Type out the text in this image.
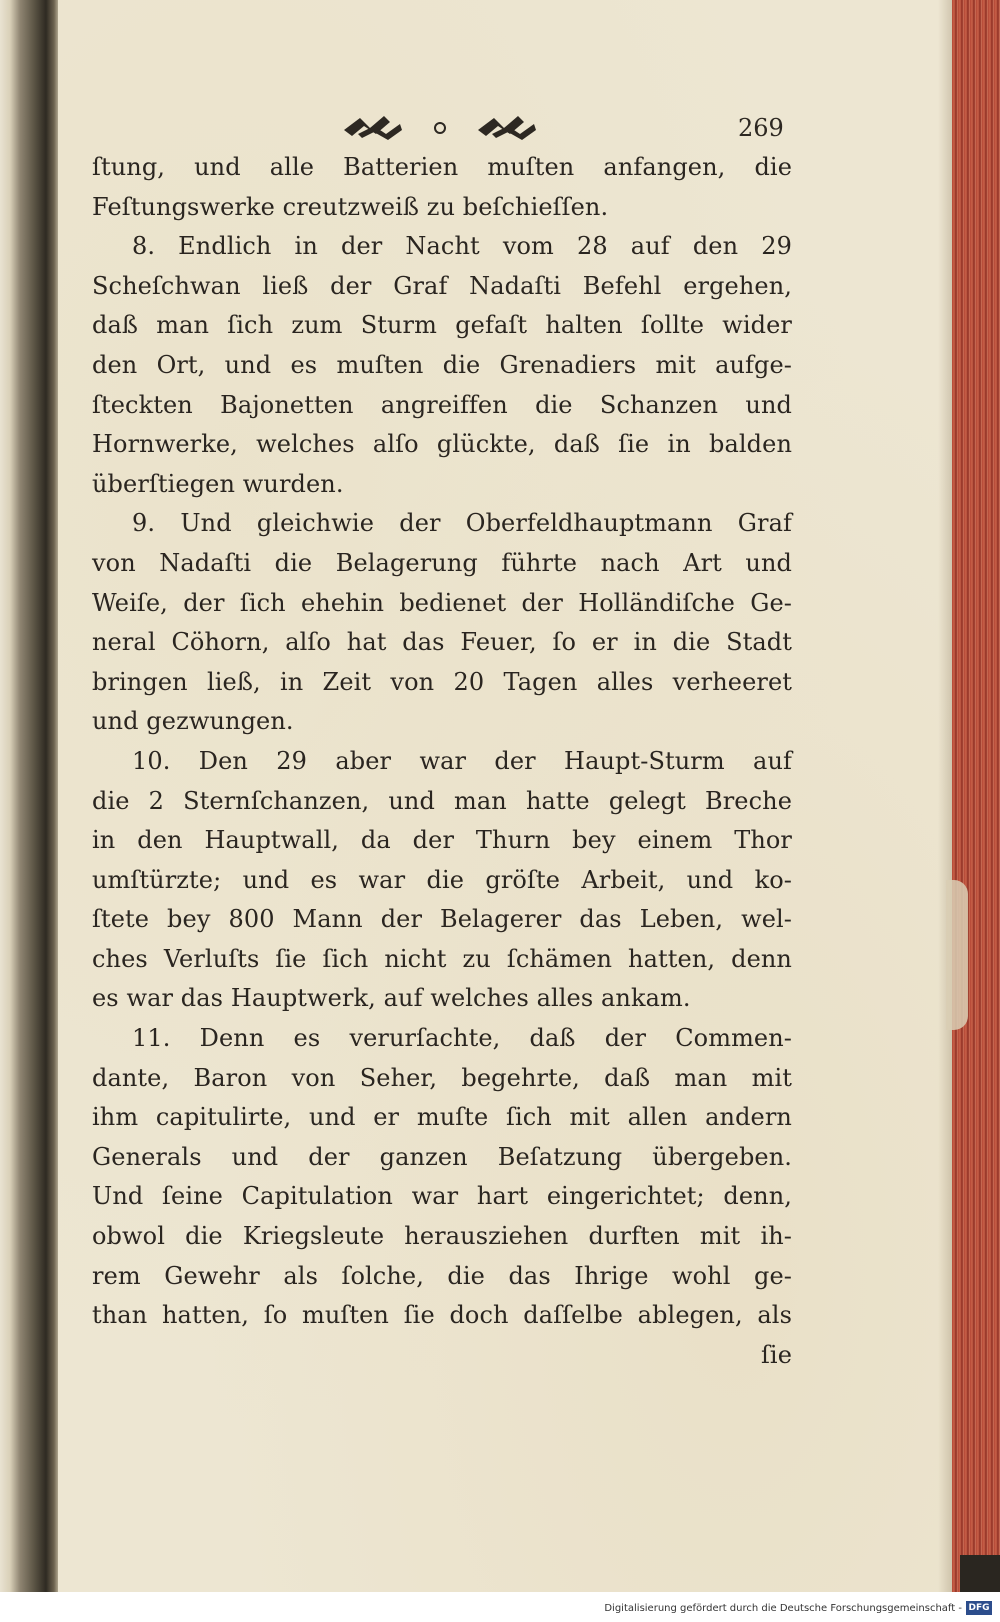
269
ſtung, und alle Batterien muſten anfangen, die
Feſtungswerke creutzweiß zu beſchieſſen.
8. Endlich in der Nacht vom 28 auf den 29
Scheſchwan ließ der Graf Nadaſti Befehl ergehen,
daß man ſich zum Sturm gefaſt halten ſollte wider
den Ort, und es muſten die Grenadiers mit aufge-
ſteckten Bajonetten angreiffen die Schanzen und
Hornwerke, welches alſo glückte, daß ſie in balden
überſtiegen wurden.
9. Und gleichwie der Oberfeldhauptmann Graf
von Nadaſti die Belagerung führte nach Art und
Weiſe, der ſich ehehin bedienet der Holländiſche Ge-
neral Cöhorn, alſo hat das Feuer, ſo er in die Stadt
bringen ließ, in Zeit von 20 Tagen alles verheeret
und gezwungen.
10. Den 29 aber war der Haupt-Sturm auf
die 2 Sternſchanzen, und man hatte gelegt Breche
in den Hauptwall, da der Thurn bey einem Thor
umſtürzte; und es war die gröſte Arbeit, und ko-
ſtete bey 800 Mann der Belagerer das Leben, wel-
ches Verluſts ſie ſich nicht zu ſchämen hatten, denn
es war das Hauptwerk, auf welches alles ankam.
11. Denn es verurſachte, daß der Commen-
dante, Baron von Seher, begehrte, daß man mit
ihm capitulirte, und er muſte ſich mit allen andern
Generals und der ganzen Beſatzung übergeben.
Und ſeine Capitulation war hart eingerichtet; denn,
obwol die Kriegsleute herausziehen durften mit ih-
rem Gewehr als ſolche, die das Ihrige wohl ge-
than hatten, ſo muſten ſie doch daſſelbe ablegen, als
ſie
Digitalisierung gefördert durch die Deutsche Forschungsgemeinschaft - DFG
